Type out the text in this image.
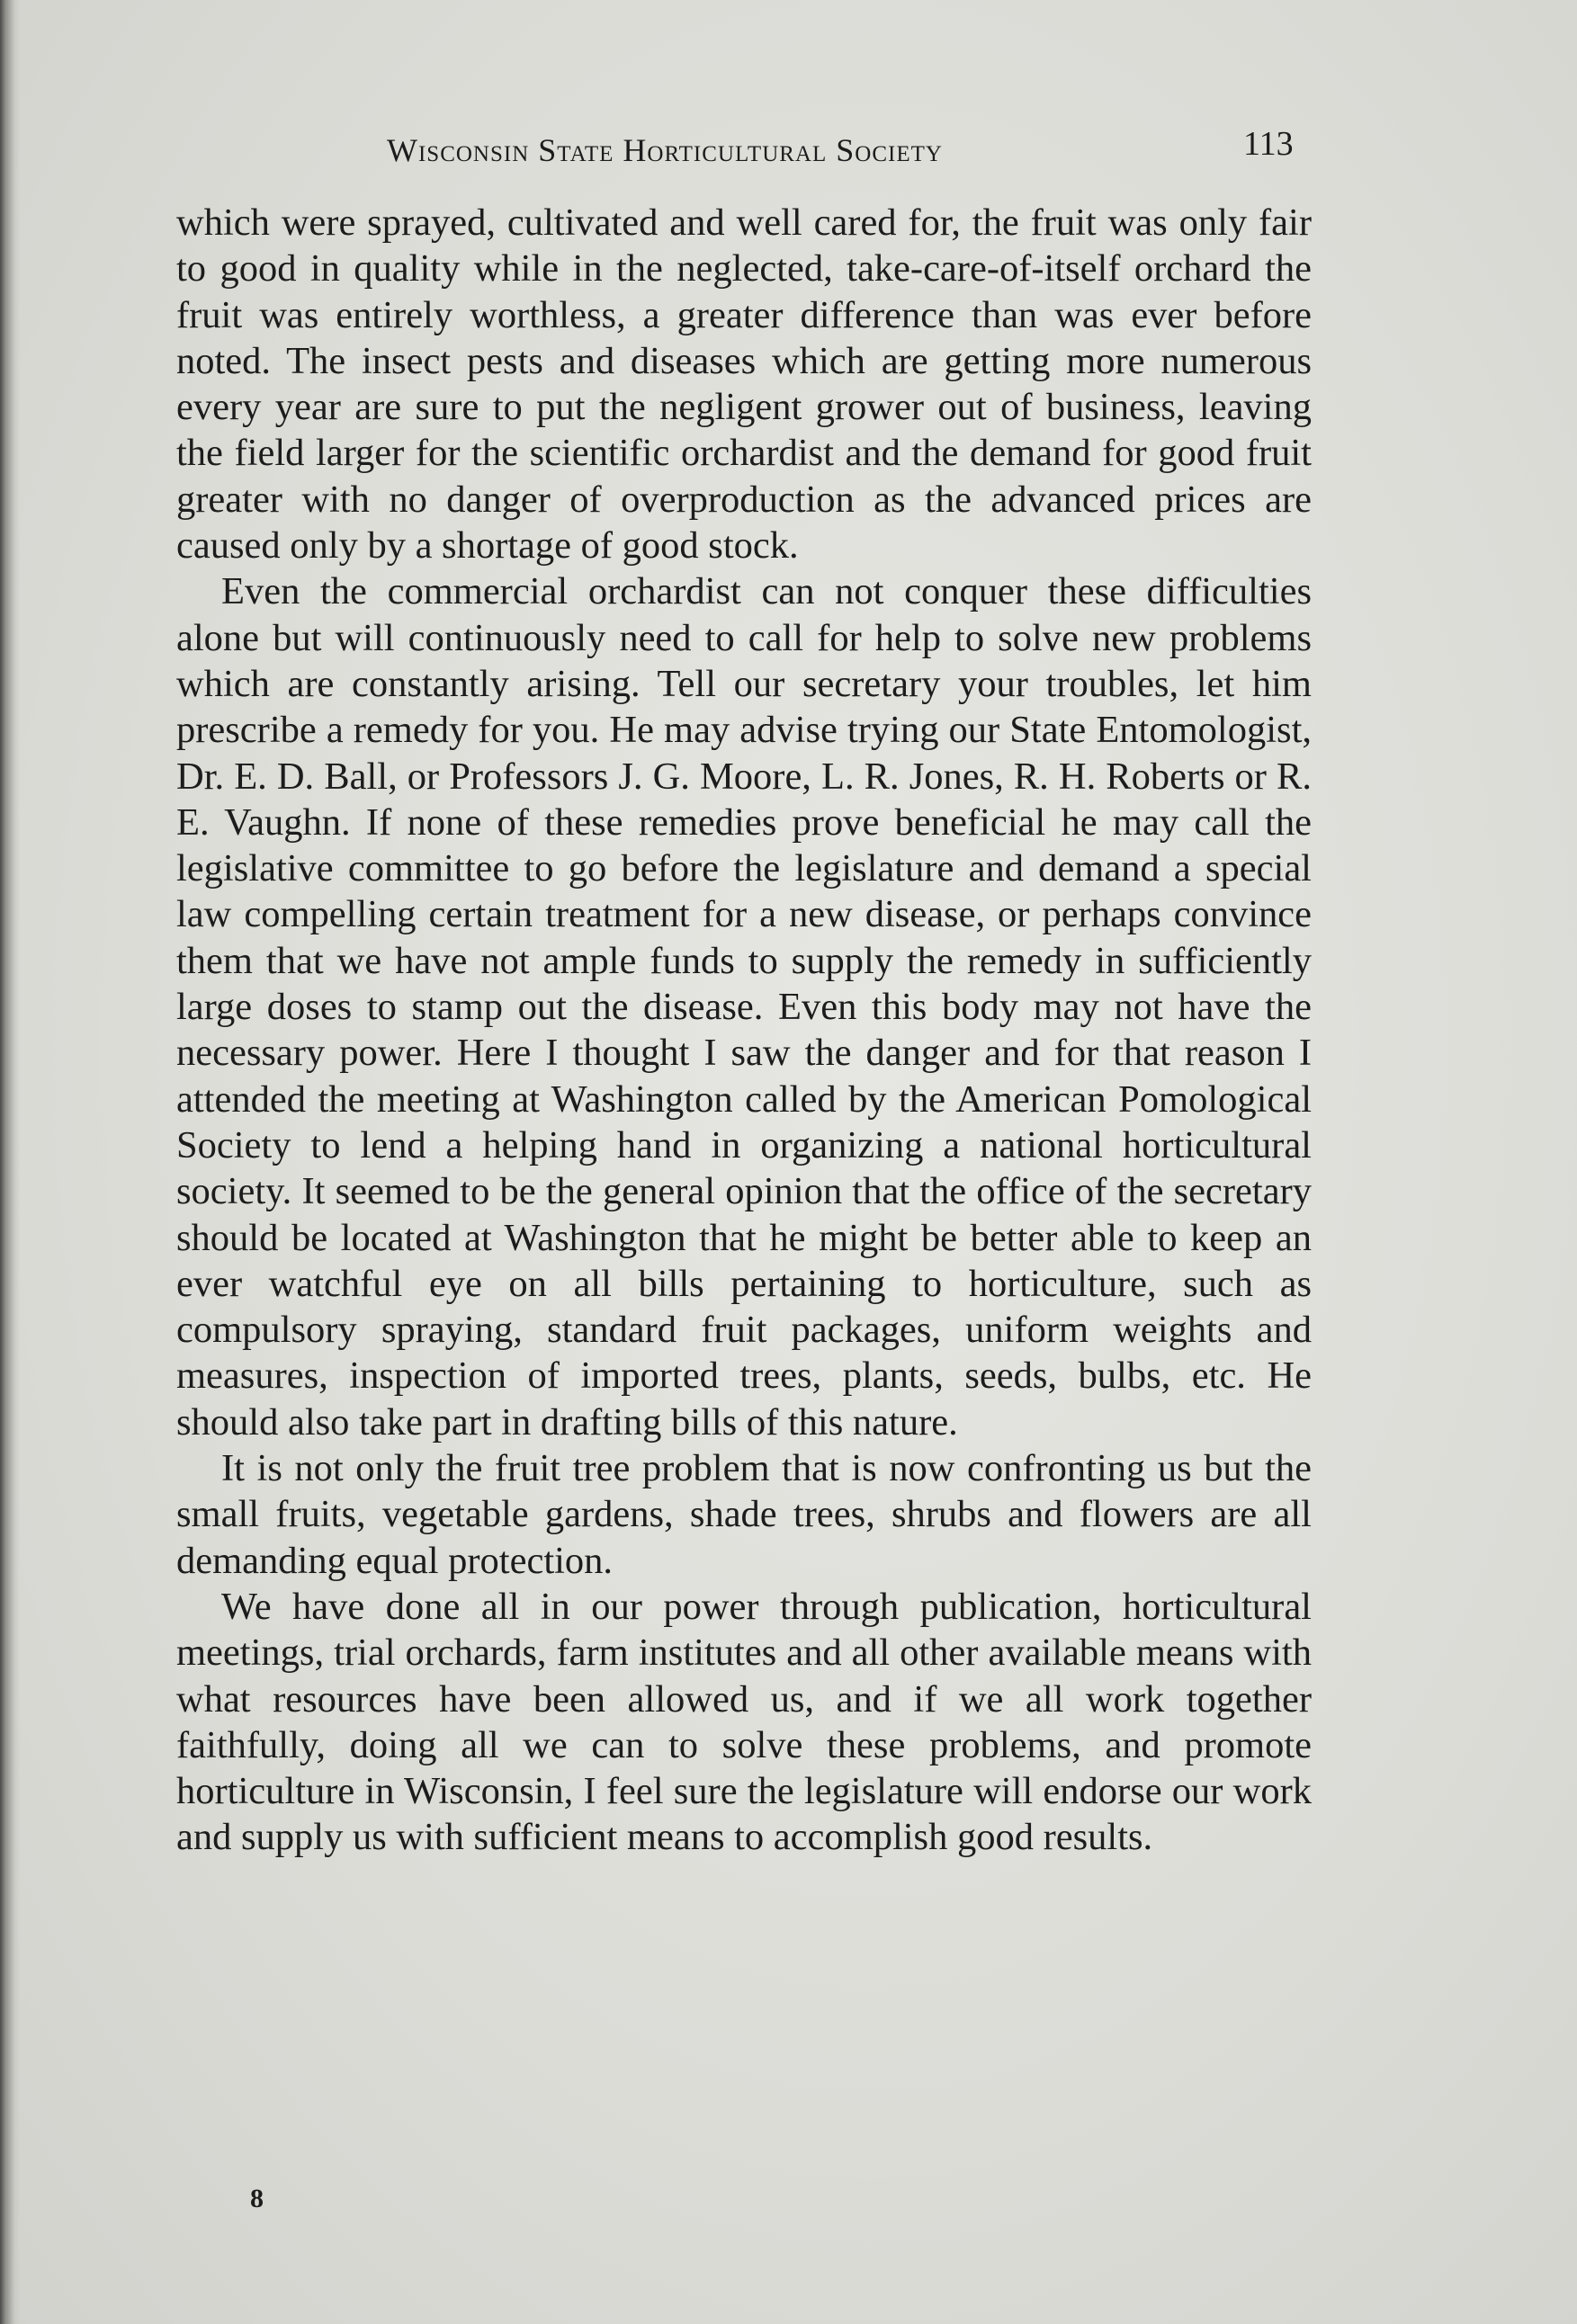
Wisconsin State Horticultural Society	113

which were sprayed, cultivated and well cared for, the fruit was only fair to good in quality while in the neglected, take-care-of-itself orchard the fruit was entirely worthless, a greater difference than was ever before noted. The insect pests and diseases which are getting more numerous every year are sure to put the negligent grower out of business, leaving the field larger for the scientific orchardist and the demand for good fruit greater with no danger of overproduction as the advanced prices are caused only by a shortage of good stock.

Even the commercial orchardist can not conquer these difficulties alone but will continuously need to call for help to solve new problems which are constantly arising. Tell our secretary your troubles, let him prescribe a remedy for you. He may advise trying our State Entomologist, Dr. E. D. Ball, or Professors J. G. Moore, L. R. Jones, R. H. Roberts or R. E. Vaughn. If none of these remedies prove beneficial he may call the legislative committee to go before the legislature and demand a special law compelling certain treatment for a new disease, or perhaps convince them that we have not ample funds to supply the remedy in sufficiently large doses to stamp out the disease. Even this body may not have the necessary power. Here I thought I saw the danger and for that reason I attended the meeting at Washington called by the American Pomological Society to lend a helping hand in organizing a national horticultural society. It seemed to be the general opinion that the office of the secretary should be located at Washington that he might be better able to keep an ever watchful eye on all bills pertaining to horticulture, such as compulsory spraying, standard fruit packages, uniform weights and measures, inspection of imported trees, plants, seeds, bulbs, etc. He should also take part in drafting bills of this nature.

It is not only the fruit tree problem that is now confronting us but the small fruits, vegetable gardens, shade trees, shrubs and flowers are all demanding equal protection.

We have done all in our power through publication, horticultural meetings, trial orchards, farm institutes and all other available means with what resources have been allowed us, and if we all work together faithfully, doing all we can to solve these problems, and promote horticulture in Wisconsin, I feel sure the legislature will endorse our work and supply us with sufficient means to accomplish good results.

8
